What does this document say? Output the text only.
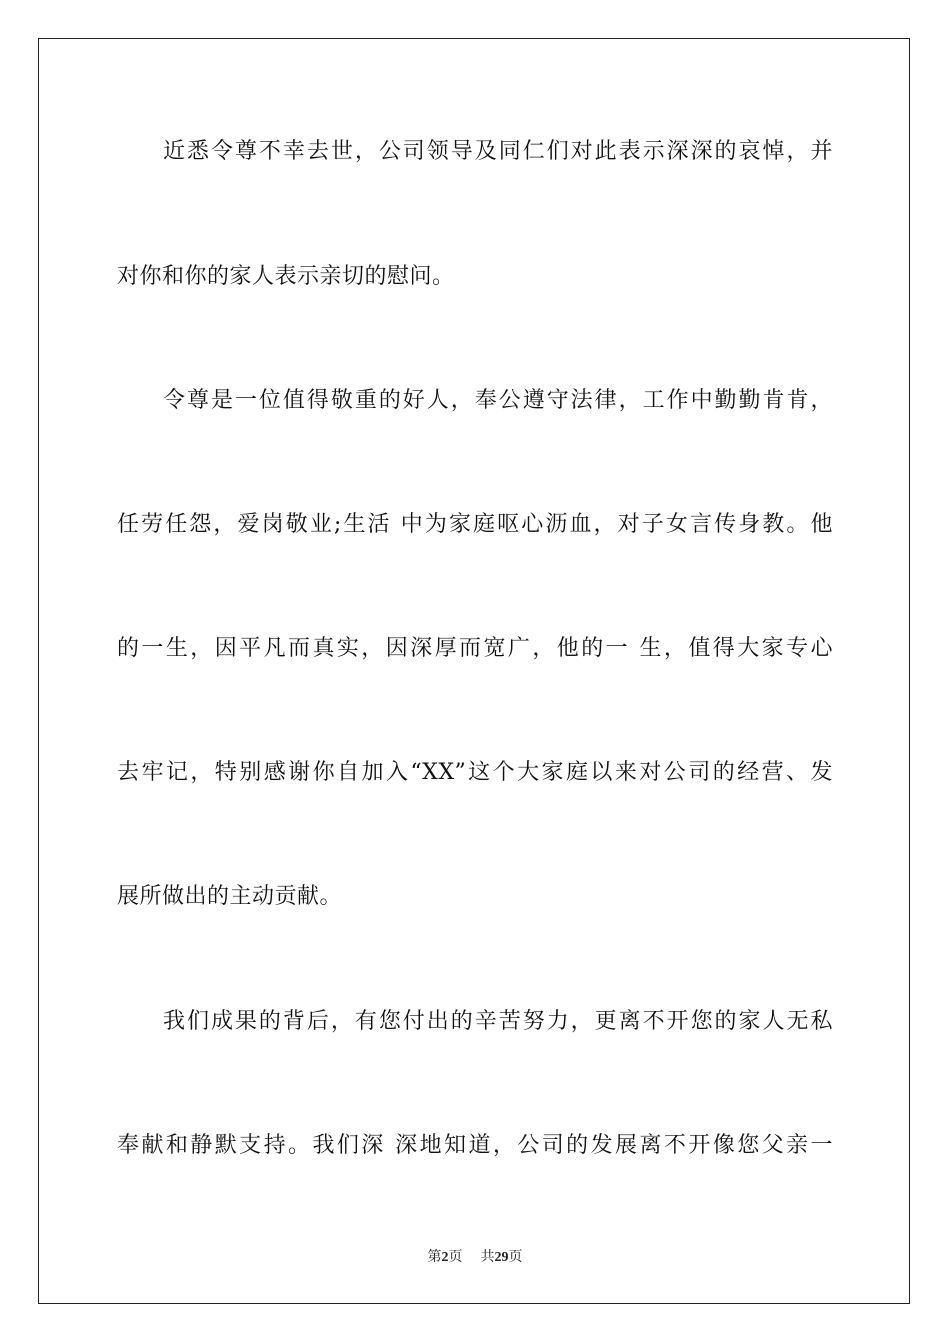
近悉令尊不幸去世，公司领导及同仁们对此表示深深的哀悼，并
对你和你的家人表示亲切的慰问。
令尊是一位值得敬重的好人，奉公遵守法律，工作中勤勤肯肯，
任劳任怨，爱岗敬业;生活 中为家庭呕心沥血，对子女言传身教。他
的一生，因平凡而真实，因深厚而宽广，他的一 生，值得大家专心
去牢记，特别感谢你自加入“XX”这个大家庭以来对公司的经营、发
展所做出的主动贡献。
我们成果的背后，有您付出的辛苦努力，更离不开您的家人无私
奉献和静默支持。我们深 深地知道，公司的发展离不开像您父亲一
第2页 共29页
